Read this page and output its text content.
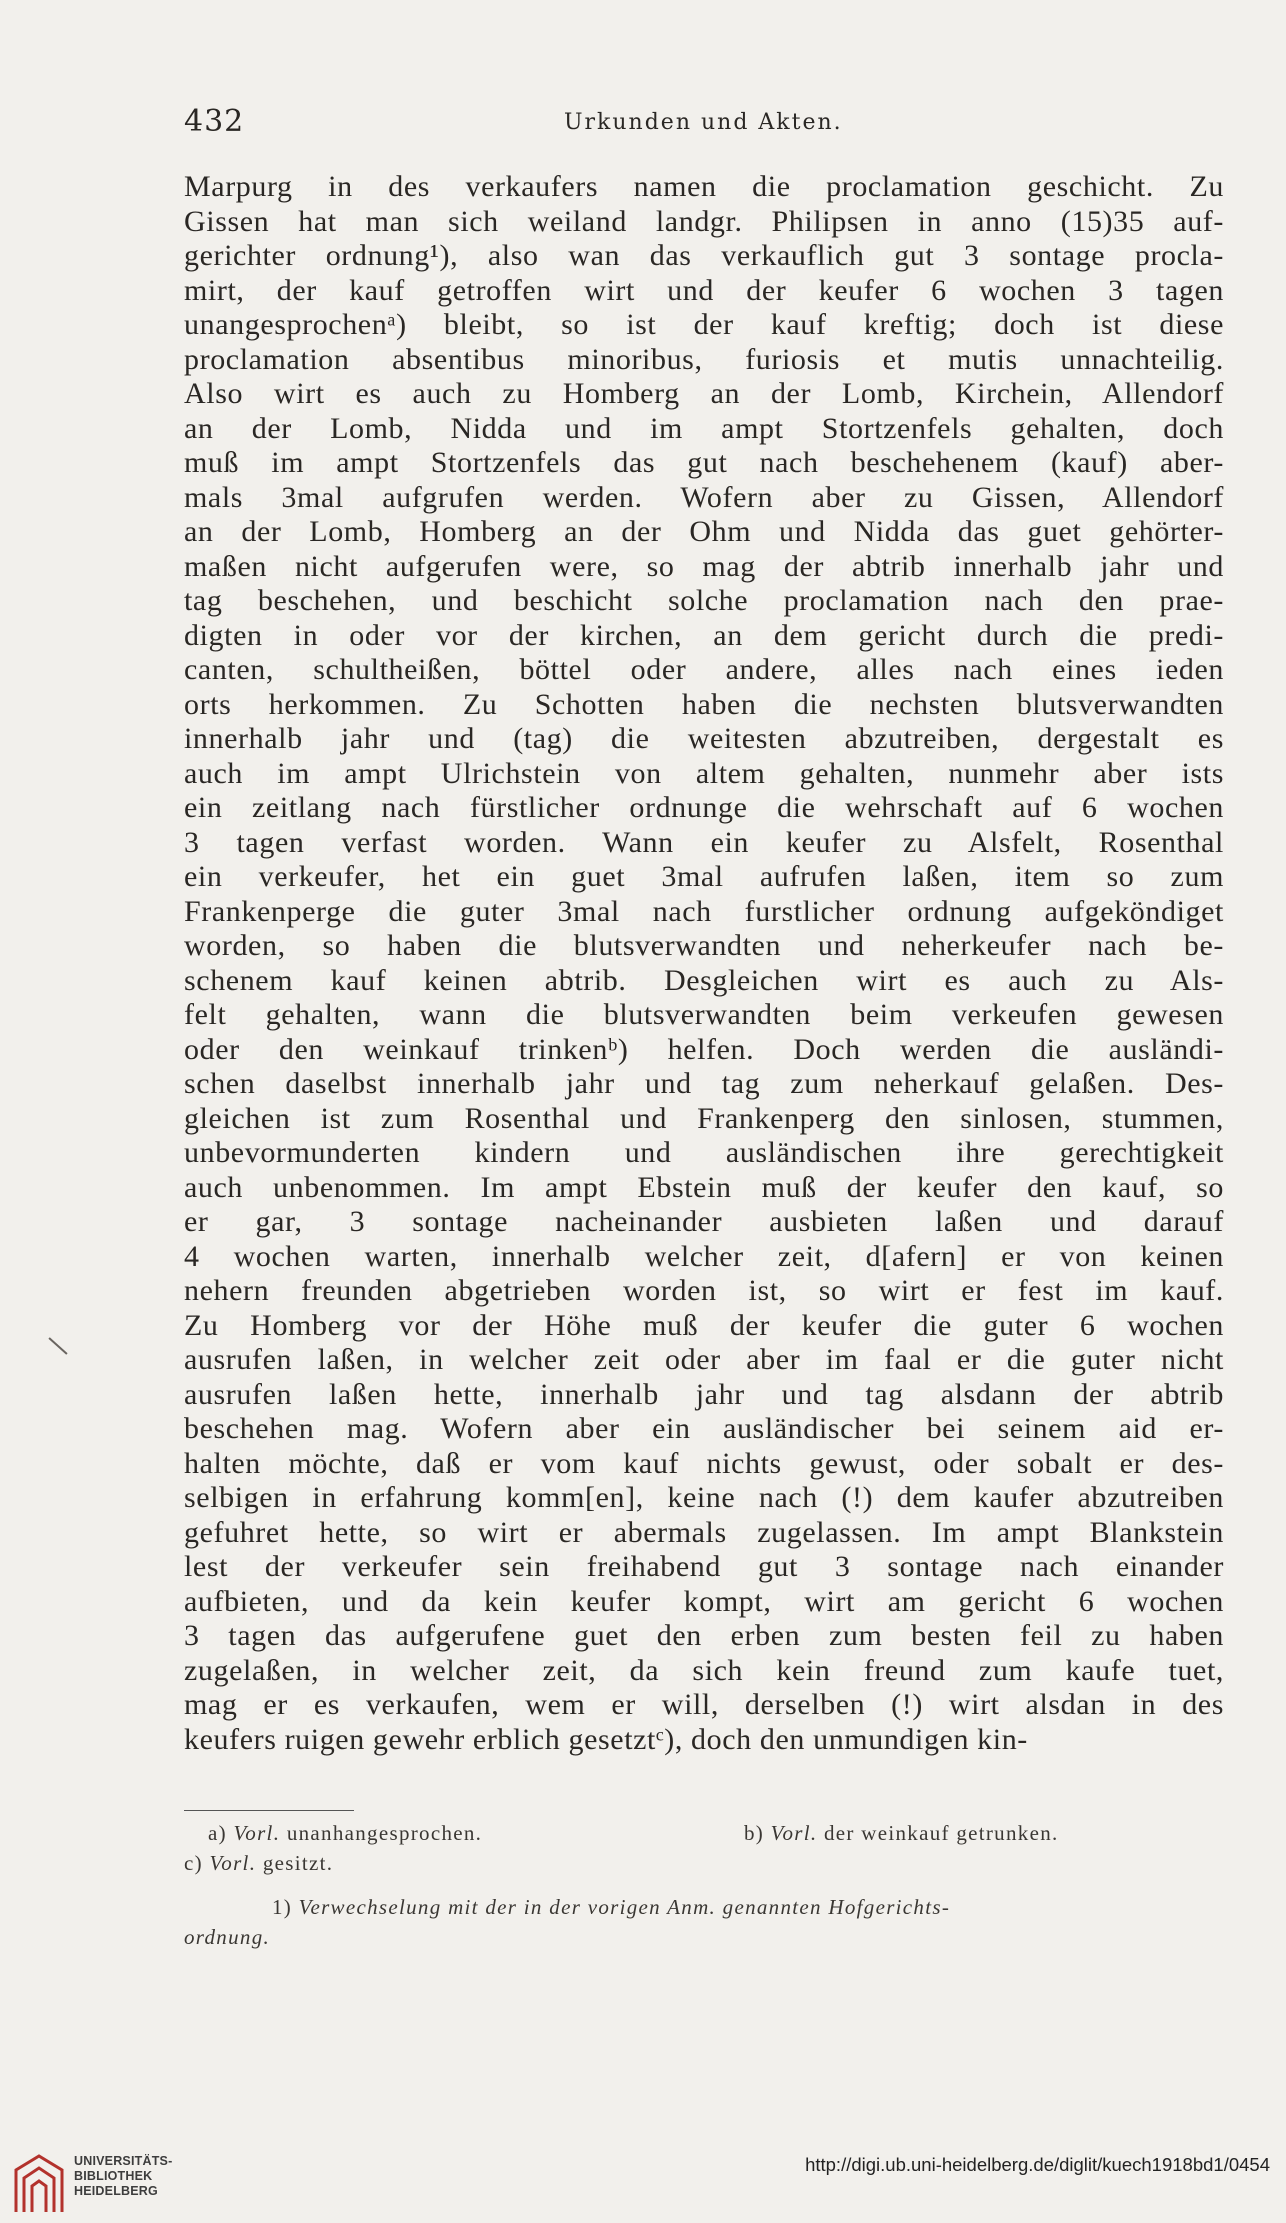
432	Urkunden und Akten.
Marpurg in des verkaufers namen die proclamation geschicht. Zu
Gissen hat man sich weiland landgr. Philipsen in anno (15)35 auf-
gerichter ordnung¹), also wan das verkauflich gut 3 sontage procla-
mirt, der kauf getroffen wirt und der keufer 6 wochen 3 tagen
unangesprochenᵃ) bleibt, so ist der kauf kreftig; doch ist diese
proclamation absentibus minoribus, furiosis et mutis unnachteilig.
Also wirt es auch zu Homberg an der Lomb, Kirchein, Allendorf
an der Lomb, Nidda und im ampt Stortzenfels gehalten, doch
muß im ampt Stortzenfels das gut nach beschehenem (kauf) aber-
mals 3mal aufgrufen werden. Wofern aber zu Gissen, Allendorf
an der Lomb, Homberg an der Ohm und Nidda das guet gehörter-
maßen nicht aufgerufen were, so mag der abtrib innerhalb jahr und
tag beschehen, und beschicht solche proclamation nach den prae-
digten in oder vor der kirchen, an dem gericht durch die predi-
canten, schultheißen, böttel oder andere, alles nach eines ieden
orts herkommen. Zu Schotten haben die nechsten blutsverwandten
innerhalb jahr und (tag) die weitesten abzutreiben, dergestalt es
auch im ampt Ulrichstein von altem gehalten, nunmehr aber ists
ein zeitlang nach fürstlicher ordnunge die wehrschaft auf 6 wochen
3 tagen verfast worden. Wann ein keufer zu Alsfelt, Rosenthal
ein verkeufer, het ein guet 3mal aufrufen laßen, item so zum
Frankenperge die guter 3mal nach furstlicher ordnung aufgeköndiget
worden, so haben die blutsverwandten und neherkeufer nach be-
schenem kauf keinen abtrib. Desgleichen wirt es auch zu Als-
felt gehalten, wann die blutsverwandten beim verkeufen gewesen
oder den weinkauf trinkenᵇ) helfen. Doch werden die ausländi-
schen daselbst innerhalb jahr und tag zum neherkauf gelaßen. Des-
gleichen ist zum Rosenthal und Frankenperg den sinlosen, stummen,
unbevormunderten kindern und ausländischen ihre gerechtigkeit
auch unbenommen. Im ampt Ebstein muß der keufer den kauf, so
er gar, 3 sontage nacheinander ausbieten laßen und darauf
4 wochen warten, innerhalb welcher zeit, d[afern] er von keinen
nehern freunden abgetrieben worden ist, so wirt er fest im kauf.
Zu Homberg vor der Höhe muß der keufer die guter 6 wochen
ausrufen laßen, in welcher zeit oder aber im faal er die guter nicht
ausrufen laßen hette, innerhalb jahr und tag alsdann der abtrib
beschehen mag. Wofern aber ein ausländischer bei seinem aid er-
halten möchte, daß er vom kauf nichts gewust, oder sobalt er des-
selbigen in erfahrung komm[en], keine nach (!) dem kaufer abzutreiben
gefuhret hette, so wirt er abermals zugelassen. Im ampt Blankstein
lest der verkeufer sein freihabend gut 3 sontage nach einander
aufbieten, und da kein keufer kompt, wirt am gericht 6 wochen
3 tagen das aufgerufene guet den erben zum besten feil zu haben
zugelaßen, in welcher zeit, da sich kein freund zum kaufe tuet,
mag er es verkaufen, wem er will, derselben (!) wirt alsdan in des
keufers ruigen gewehr erblich gesetztᶜ), doch den unmundigen kin-
a) Vorl. unanhangesprochen.	b) Vorl. der weinkauf getrunken.
c) Vorl. gesitzt.
1) Verwechselung mit der in der vorigen Anm. genannten Hofgerichts-
ordnung.
UNIVERSITÄTS-
BIBLIOTHEK
HEIDELBERG
http://digi.ub.uni-heidelberg.de/diglit/kuech1918bd1/0454
